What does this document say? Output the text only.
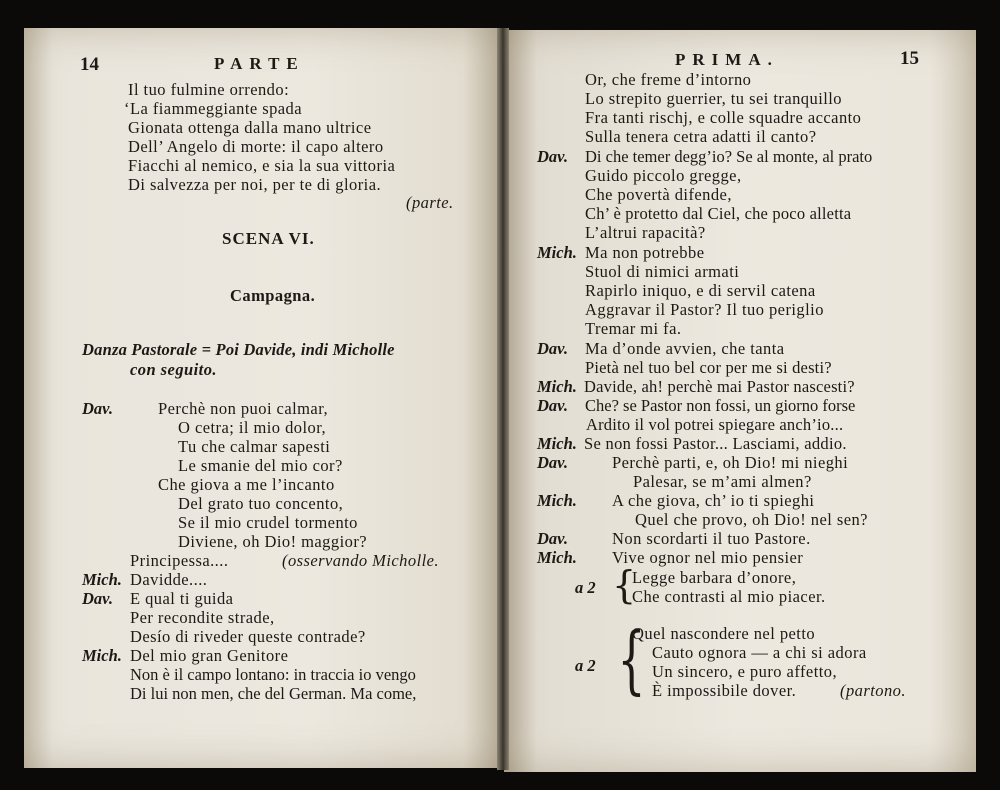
14	PARTE
Il tuo fulmine orrendo:
‘La fiammeggiante spada
Gionata ottenga dalla mano ultrice
Dell’ Angelo di morte: il capo altero
Fiacchi al nemico, e sia la sua vittoria
Di salvezza per noi, per te di gloria.
(parte.
SCENA VI.
Campagna.
Danza Pastorale = Poi Davide, indi Micholle
con seguito.
Dav.	Perchè non puoi calmar,
O cetra; il mio dolor,
Tu che calmar sapesti
Le smanie del mio cor?
Che giova a me l’incanto
Del grato tuo concento,
Se il mio crudel tormento
Diviene, oh Dio! maggior?
Principessa....	(osservando Micholle.
Mich. Davidde....
Dav. E qual ti guida
Per recondite strade,
Desío di riveder queste contrade?
Mich. Del mio gran Genitore
Non è il campo lontano: in traccia io vengo
Di lui non men, che del German. Ma come,
PRIMA.	15
Or, che freme d’intorno
Lo strepito guerrier, tu sei tranquillo
Fra tanti rischj, e colle squadre accanto
Sulla tenera cetra adatti il canto?
Dav. Di che temer degg’io? Se al monte, al prato
Guido piccolo gregge,
Che povertà difende,
Ch’ è protetto dal Ciel, che poco alletta
L’altrui rapacità?
Mich. Ma non potrebbe
Stuol di nimici armati
Rapirlo iniquo, e di servil catena
Aggravar il Pastor? Il tuo periglio
Tremar mi fa.
Dav. Ma d’onde avvien, che tanta
Pietà nel tuo bel cor per me si desti?
Mich. Davide, ah! perchè mai Pastor nascesti?
Dav. Che? se Pastor non fossi, un giorno forse
Ardito il vol potrei spiegare anch’io...
Mich. Se non fossi Pastor... Lasciami, addio.
Dav.	Perchè parti, e, oh Dio! mi nieghi
Palesar, se m’ami almen?
Mich. A che giova, ch’ io ti spieghi
Quel che provo, oh Dio! nel sen?
Dav.	Non scordarti il tuo Pastore.
Mich. Vive ognor nel mio pensier
a 2 {
Legge barbara d’onore,
Che contrasti al mio piacer.
a 2 {
Quel nascondere nel petto
Cauto ognora — a chi si adora
Un sincero, e puro affetto,
È impossibile dover.	(partono.
